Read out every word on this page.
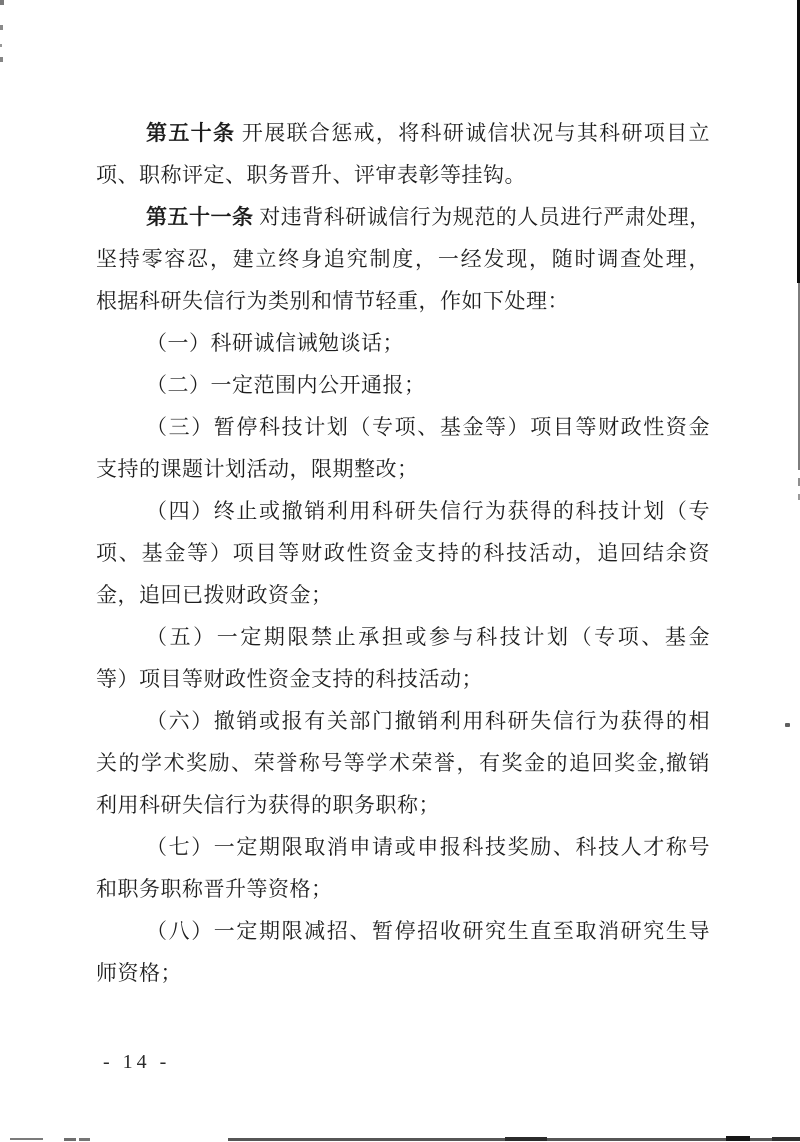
第五十条 开展联合惩戒，将科研诚信状况与其科研项目立
项、职称评定、职务晋升、评审表彰等挂钩。
第五十一条 对违背科研诚信行为规范的人员进行严肃处理，
坚持零容忍，建立终身追究制度，一经发现，随时调查处理，
根据科研失信行为类别和情节轻重，作如下处理：
（一）科研诚信诫勉谈话；
（二）一定范围内公开通报；
（三）暂停科技计划（专项、基金等）项目等财政性资金
支持的课题计划活动，限期整改；
（四）终止或撤销利用科研失信行为获得的科技计划（专
项、基金等）项目等财政性资金支持的科技活动，追回结余资
金，追回已拨财政资金；
（五）一定期限禁止承担或参与科技计划（专项、基金
等）项目等财政性资金支持的科技活动；
（六）撤销或报有关部门撤销利用科研失信行为获得的相
关的学术奖励、荣誉称号等学术荣誉，有奖金的追回奖金,撤销
利用科研失信行为获得的职务职称；
（七）一定期限取消申请或申报科技奖励、科技人才称号
和职务职称晋升等资格；
（八）一定期限减招、暂停招收研究生直至取消研究生导
师资格；
- 14 -
